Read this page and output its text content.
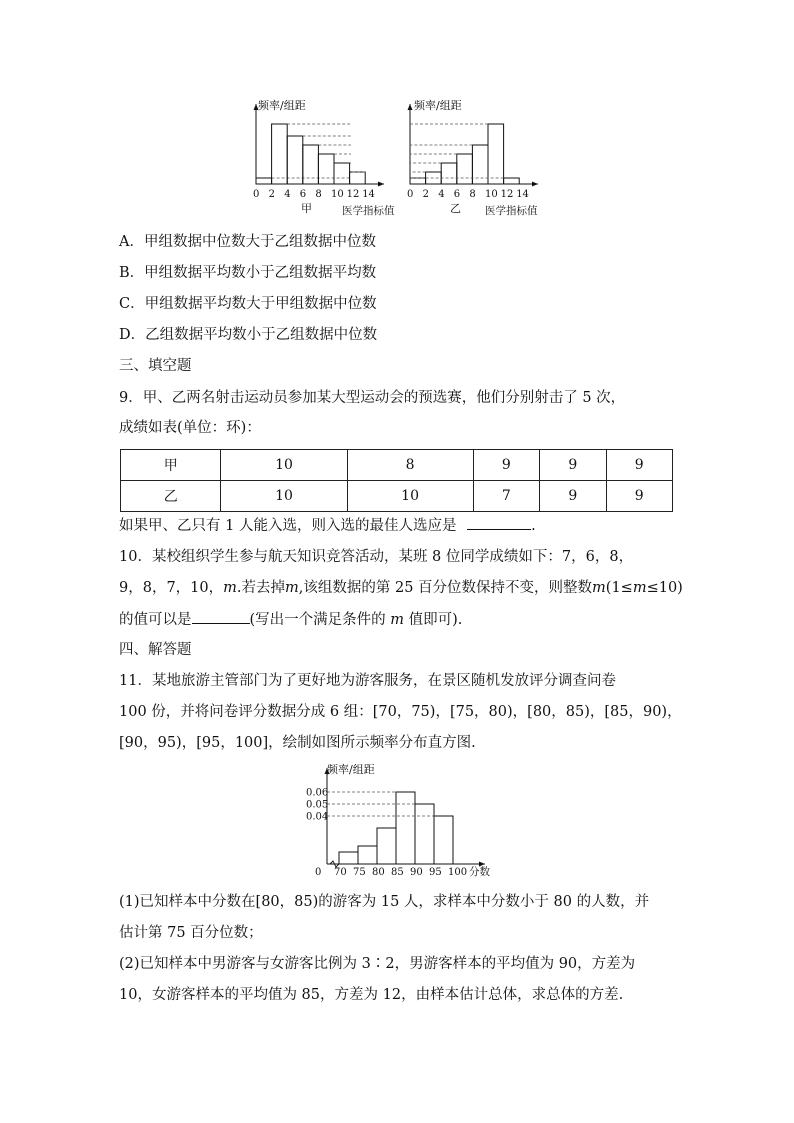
0 2 4 6 8 10 12 14	0 2 4 6 8 10 12 14
频率/组距	频率/组距
甲	医学指标值	乙 医学指标值
A．甲组数据中位数大于乙组数据中位数
B．甲组数据平均数小于乙组数据平均数
C．甲组数据平均数大于甲组数据中位数
D．乙组数据平均数小于乙组数据中位数
三、填空题
9．甲、乙两名射击运动员参加某大型运动会的预选赛，他们分别射击了 5 次，
成绩如表(单位：环)：
甲	10	8	9	9	9
乙	10	10	7	9	9
如果甲、乙只有 1 人能入选，则入选的最佳人选应是	.
10．某校组织学生参与航天知识竞答活动，某班 8 位同学成绩如下：7，6，8，
9，8，7，10，m.若去掉m,该组数据的第 25 百分位数保持不变，则整数m(1≤m≤10)
的值可以是	(写出一个满足条件的 m 值即可).
四、解答题
11．某地旅游主管部门为了更好地为游客服务，在景区随机发放评分调查问卷
100 份，并将问卷评分数据分成 6 组：[70，75)，[75，80)，[80，85)，[85，90)，
[90，95)，[95，100]，绘制如图所示频率分布直方图.
0.04
0.05
0.06
70 75 80 85 90 95 100
频率/组距
0	分数
(1)已知样本中分数在[80，85)的游客为 15 人，求样本中分数小于 80 的人数，并
估计第 75 百分位数；
(2)已知样本中男游客与女游客比例为 3∶2，男游客样本的平均值为 90，方差为
10，女游客样本的平均值为 85，方差为 12，由样本估计总体，求总体的方差.
